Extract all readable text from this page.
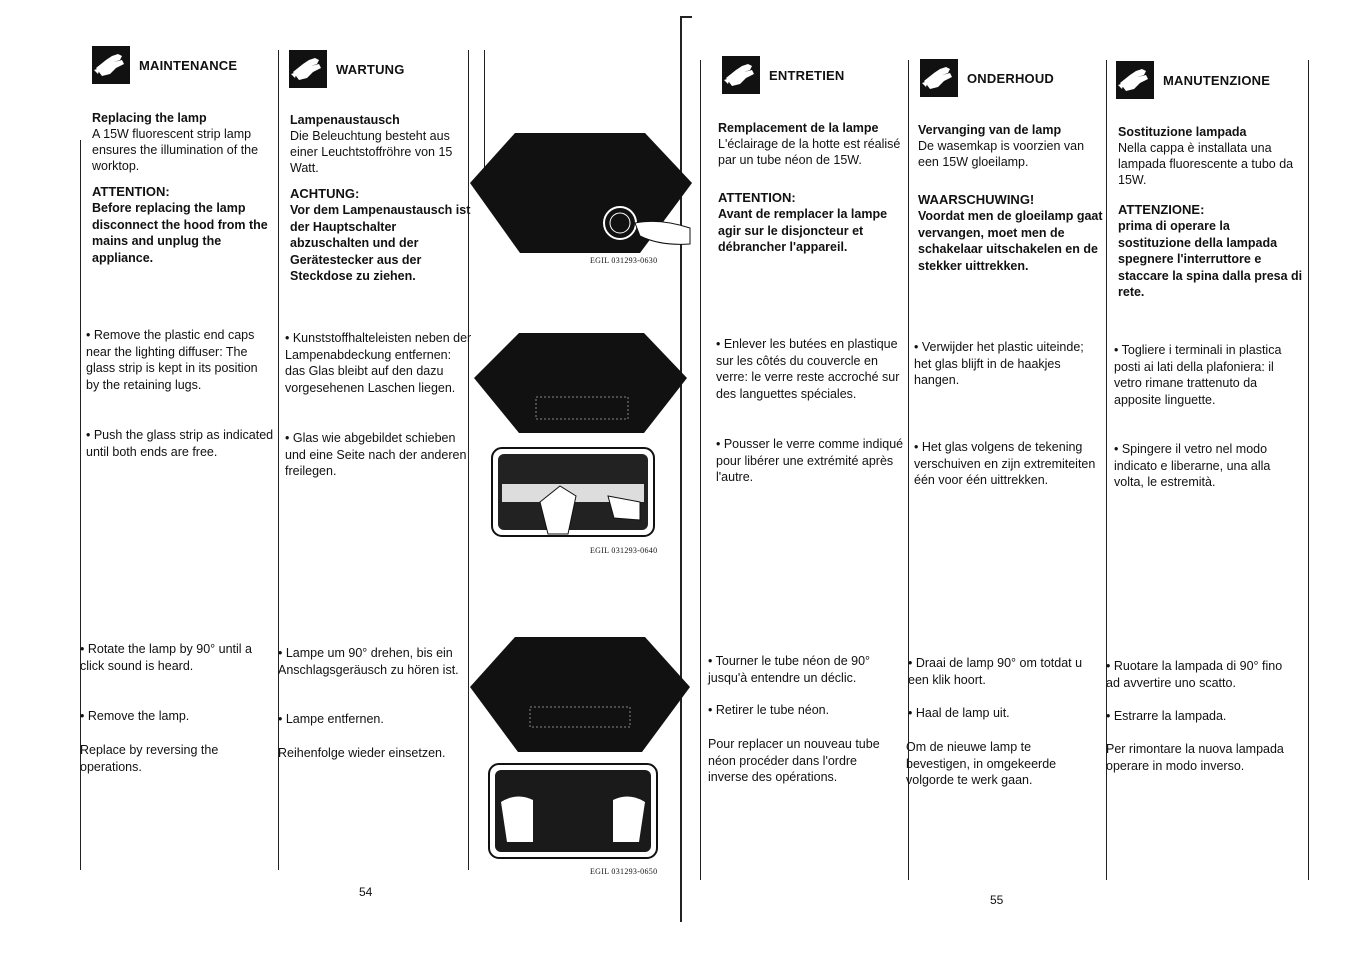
MAINTENANCE
Replacing the lamp
A 15W fluorescent strip lamp ensures the illumination of the worktop.
ATTENTION:
Before replacing the lamp disconnect the hood from the mains and unplug the appliance.
• Remove the plastic end caps near the lighting diffuser: The glass strip is kept in its position by the retaining lugs.
• Push the glass strip as indicated until both ends are free.
• Rotate the lamp by 90° until a click sound is heard.
• Remove the lamp.
Replace by reversing the operations.
WARTUNG
Lampenaustausch
Die Beleuchtung besteht aus einer Leuchtstoffröhre von 15 Watt.
ACHTUNG:
Vor dem Lampenaustausch ist der Hauptschalter abzuschalten und der Gerätestecker aus der Steckdose zu ziehen.
• Kunststoffhalteleisten neben der Lampenabdeckung entfernen: das Glas bleibt auf den dazu vorgesehenen Laschen liegen.
• Glas wie abgebildet schieben und eine Seite nach der anderen freilegen.
• Lampe um 90° drehen, bis ein Anschlagsgeräusch zu hören ist.
• Lampe entfernen.
Reihenfolge wieder einsetzen.
EGIL 031293-0630
EGIL 031293-0640
EGIL 031293-0650
54
ENTRETIEN
Remplacement de la lampe
L'éclairage de la hotte est réalisé par un tube néon de 15W.
ATTENTION:
Avant de remplacer la lampe agir sur le disjoncteur et débrancher l'appareil.
• Enlever les butées en plastique sur les côtés du couvercle en verre: le verre reste accroché sur des languettes spéciales.
• Pousser le verre comme indiqué pour libérer une extrémité après l'autre.
• Tourner le tube néon de 90° jusqu'à entendre un déclic.
• Retirer le tube néon.
Pour replacer un nouveau tube néon procéder dans l'ordre inverse des opérations.
ONDERHOUD
Vervanging van de lamp
De wasemkap is voorzien van een 15W gloeilamp.
WAARSCHUWING!
Voordat men de gloeilamp gaat vervangen, moet men de schakelaar uitschakelen en de stekker uittrekken.
• Verwijder het plastic uiteinde; het glas blijft in de haakjes hangen.
• Het glas volgens de tekening verschuiven en zijn extremiteiten één voor één uittrekken.
• Draai de lamp 90° om totdat u een klik hoort.
• Haal de lamp uit.
Om de nieuwe lamp te bevestigen, in omgekeerde volgorde te werk gaan.
MANUTENZIONE
Sostituzione lampada
Nella cappa è installata una lampada fluorescente a tubo da 15W.
ATTENZIONE:
prima di operare la sostituzione della lampada spegnere l'interruttore e staccare la spina dalla presa di rete.
• Togliere i terminali in plastica posti ai lati della plafoniera: il vetro rimane trattenuto da apposite linguette.
• Spingere il vetro nel modo indicato e liberarne, una alla volta, le estremità.
• Ruotare la lampada di 90° fino ad avvertire uno scatto.
• Estrarre la lampada.
Per rimontare la nuova lampada operare in modo inverso.
55
